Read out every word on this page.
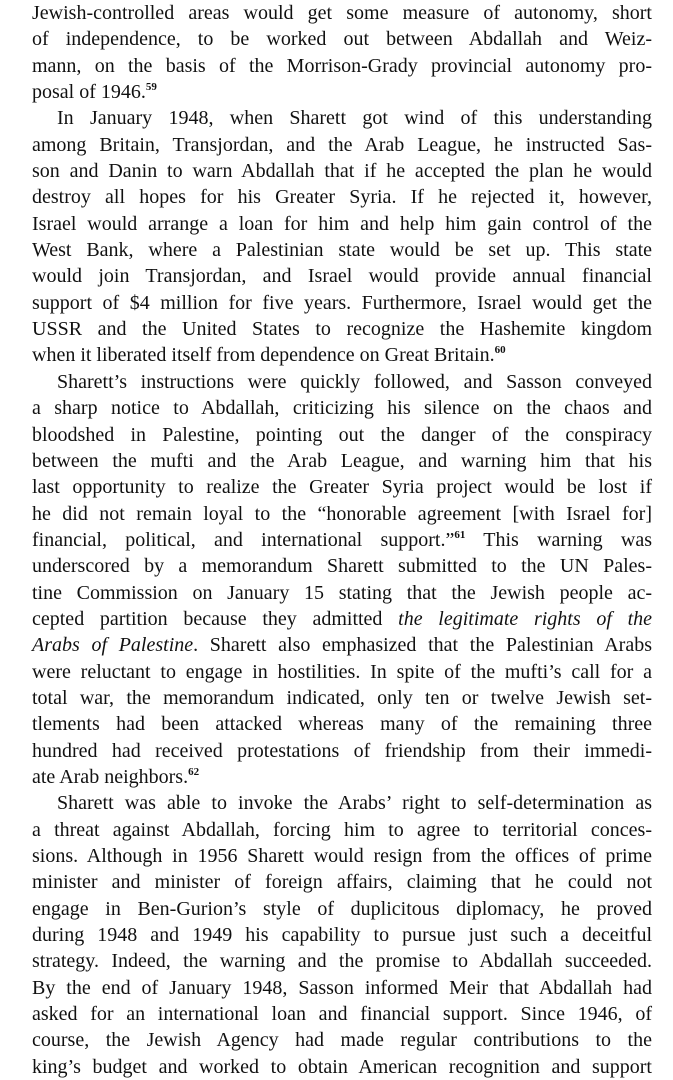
Jewish-controlled areas would get some measure of autonomy, short
of independence, to be worked out between Abdallah and Weiz-
mann, on the basis of the Morrison-Grady provincial autonomy pro-
posal of 1946.59
In January 1948, when Sharett got wind of this understanding
among Britain, Transjordan, and the Arab League, he instructed Sas-
son and Danin to warn Abdallah that if he accepted the plan he would
destroy all hopes for his Greater Syria. If he rejected it, however,
Israel would arrange a loan for him and help him gain control of the
West Bank, where a Palestinian state would be set up. This state
would join Transjordan, and Israel would provide annual financial
support of $4 million for five years. Furthermore, Israel would get the
USSR and the United States to recognize the Hashemite kingdom
when it liberated itself from dependence on Great Britain.$^{60}$
Sharett’s instructions were quickly followed, and Sasson conveyed
a sharp notice to Abdallah, criticizing his silence on the chaos and
bloodshed in Palestine, pointing out the danger of the conspiracy
between the mufti and the Arab League, and warning him that his
last opportunity to realize the Greater Syria project would be lost if
he did not remain loyal to the “honorable agreement [with Israel for]
financial, political, and international support.”$^{61}$ This warning was
underscored by a memorandum Sharett submitted to the UN Pales-
tine Commission on January 15 stating that the Jewish people ac-
cepted partition because they admitted the legitimate rights of the
Arabs of Palestine. Sharett also emphasized that the Palestinian Arabs
were reluctant to engage in hostilities. In spite of the mufti’s call for a
total war, the memorandum indicated, only ten or twelve Jewish set-
tlements had been attacked whereas many of the remaining three
hundred had received protestations of friendship from their immedi-
ate Arab neighbors.$^{62}$
Sharett was able to invoke the Arabs’ right to self-determination as
a threat against Abdallah, forcing him to agree to territorial conces-
sions. Although in 1956 Sharett would resign from the offices of prime
minister and minister of foreign affairs, claiming that he could not
engage in Ben-Gurion’s style of duplicitous diplomacy, he proved
during 1948 and 1949 his capability to pursue just such a deceitful
strategy. Indeed, the warning and the promise to Abdallah succeeded.
By the end of January 1948, Sasson informed Meir that Abdallah had
asked for an international loan and financial support. Since 1946, of
course, the Jewish Agency had made regular contributions to the
king’s budget and worked to obtain American recognition and support
